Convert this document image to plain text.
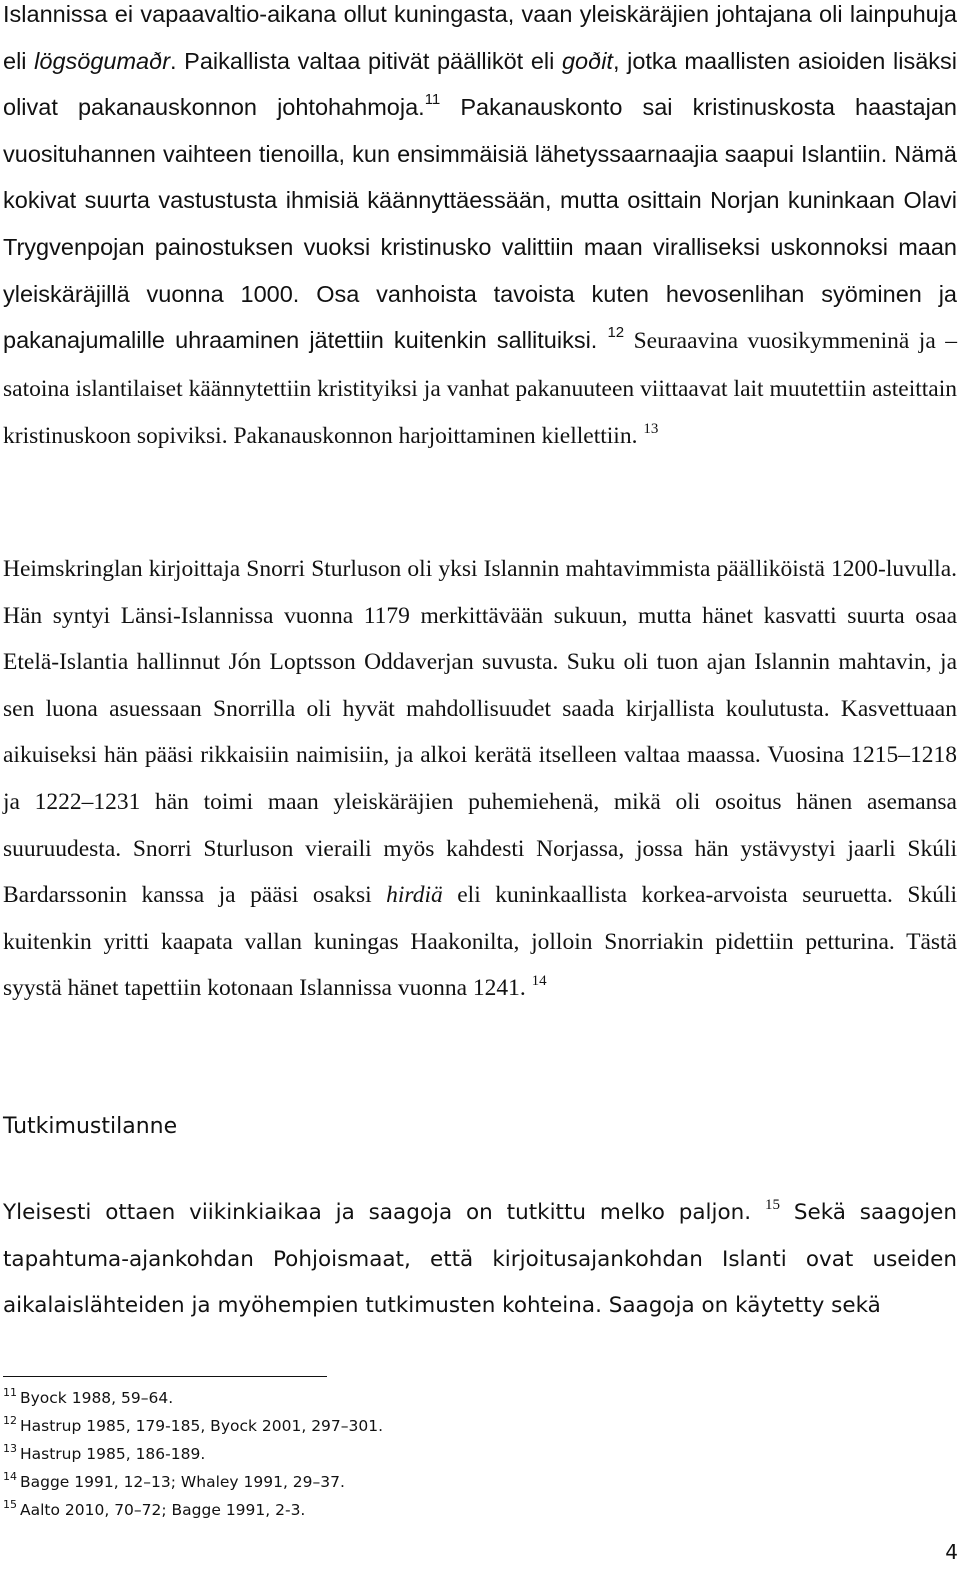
Islannissa ei vapaavaltio-aikana ollut kuningasta, vaan yleiskäräjien johtajana oli lainpuhuja eli lögsögumaðr. Paikallista valtaa pitivät päälliköt eli goðit, jotka maallisten asioiden lisäksi olivat pakanauskonnon johtohahmoja.$^{11}$ Pakanauskonto sai kristinuskosta haastajan vuosituhannen vaihteen tienoilla, kun ensimmäisiä lähetyssaarnaajia saapui Islantiin. Nämä kokivat suurta vastustusta ihmisiä käännyttäessään, mutta osittain Norjan kuninkaan Olavi Trygvenpojan painostuksen vuoksi kristinusko valittiin maan viralliseksi uskonnoksi maan yleiskäräjillä vuonna 1000. Osa vanhoista tavoista kuten hevosenlihan syöminen ja pakanajumalille uhraaminen jätettiin kuitenkin sallituiksi. $^{12}$ Seuraavina vuosikymmeninä ja –satoina islantilaiset käännytettiin kristityiksi ja vanhat pakanuuteen viittaavat lait muutettiin asteittain kristinuskoon sopiviksi. Pakanauskonnon harjoittaminen kiellettiin. $^{13}$

Heimskringlan kirjoittaja Snorri Sturluson oli yksi Islannin mahtavimmista päälliköistä 1200-luvulla. Hän syntyi Länsi-Islannissa vuonna 1179 merkittävään sukuun, mutta hänet kasvatti suurta osaa Etelä-Islantia hallinnut Jón Loptsson Oddaverjan suvusta. Suku oli tuon ajan Islannin mahtavin, ja sen luona asuessaan Snorrilla oli hyvät mahdollisuudet saada kirjallista koulutusta. Kasvettuaan aikuiseksi hän pääsi rikkaisiin naimisiin, ja alkoi kerätä itselleen valtaa maassa. Vuosina 1215–1218 ja 1222–1231 hän toimi maan yleiskäräjien puhemiehenä, mikä oli osoitus hänen asemansa suuruudesta. Snorri Sturluson vieraili myös kahdesti Norjassa, jossa hän ystävystyi jaarli Skúli Bardarssonin kanssa ja pääsi osaksi hirdiä eli kuninkaallista korkea-arvoista seuruetta. Skúli kuitenkin yritti kaapata vallan kuningas Haakonilta, jolloin Snorriakin pidettiin petturina. Tästä syystä hänet tapettiin kotonaan Islannissa vuonna 1241. $^{14}$

Tutkimustilanne

Yleisesti ottaen viikinkiaikaa ja saagoja on tutkittu melko paljon. $^{15}$ Sekä saagojen tapahtuma-ajankohdan Pohjoismaat, että kirjoitusajankohdan Islanti ovat useiden aikalaislähteiden ja myöhempien tutkimusten kohteina. Saagoja on käytetty sekä

$^{11}$ Byock 1988, 59–64.
$^{12}$ Hastrup 1985, 179-185, Byock 2001, 297–301.
$^{13}$ Hastrup 1985, 186-189.
$^{14}$ Bagge 1991, 12–13; Whaley 1991, 29–37.
$^{15}$ Aalto 2010, 70–72; Bagge 1991, 2-3.
4
